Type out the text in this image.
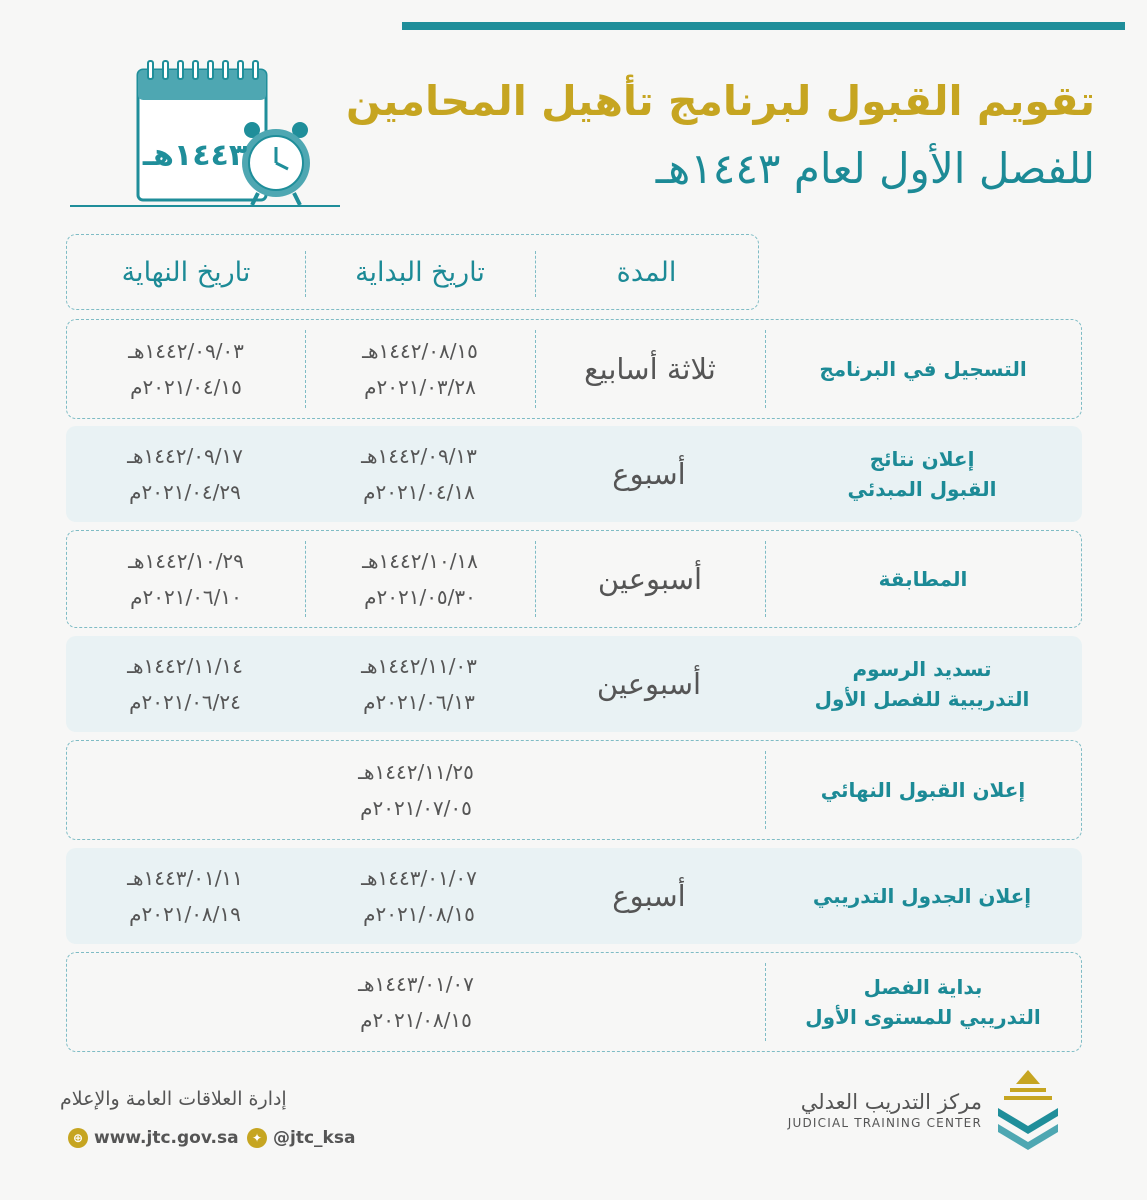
١٤٤٣هـ
تقويم القبول لبرنامج تأهيل المحامين
للفصل الأول لعام ١٤٤٣هـ
المدة
تاريخ البداية
تاريخ النهاية
التسجيل في البرنامج
ثلاثة أسابيع
١٤٤٢/٠٨/١٥هـ
٢٠٢١/٠٣/٢٨م
١٤٤٢/٠٩/٠٣هـ
٢٠٢١/٠٤/١٥م
إعلان نتائج
القبول المبدئي
أسبوع
١٤٤٢/٠٩/١٣هـ
٢٠٢١/٠٤/١٨م
١٤٤٢/٠٩/١٧هـ
٢٠٢١/٠٤/٢٩م
المطابقة
أسبوعين
١٤٤٢/١٠/١٨هـ
٢٠٢١/٠٥/٣٠م
١٤٤٢/١٠/٢٩هـ
٢٠٢١/٠٦/١٠م
تسديد الرسوم
التدريبية للفصل الأول
أسبوعين
١٤٤٢/١١/٠٣هـ
٢٠٢١/٠٦/١٣م
١٤٤٢/١١/١٤هـ
٢٠٢١/٠٦/٢٤م
إعلان القبول النهائي
١٤٤٢/١١/٢٥هـ
٢٠٢١/٠٧/٠٥م
إعلان الجدول التدريبي
أسبوع
١٤٤٣/٠١/٠٧هـ
٢٠٢١/٠٨/١٥م
١٤٤٣/٠١/١١هـ
٢٠٢١/٠٨/١٩م
بداية الفصل
التدريبي للمستوى الأول
١٤٤٣/٠١/٠٧هـ
٢٠٢١/٠٨/١٥م
إدارة العلاقات العامة والإعلام
⊕ www.jtc.gov.sa	✦ @jtc_ksa
مركز التدريب العدلي
JUDICIAL TRAINING CENTER
